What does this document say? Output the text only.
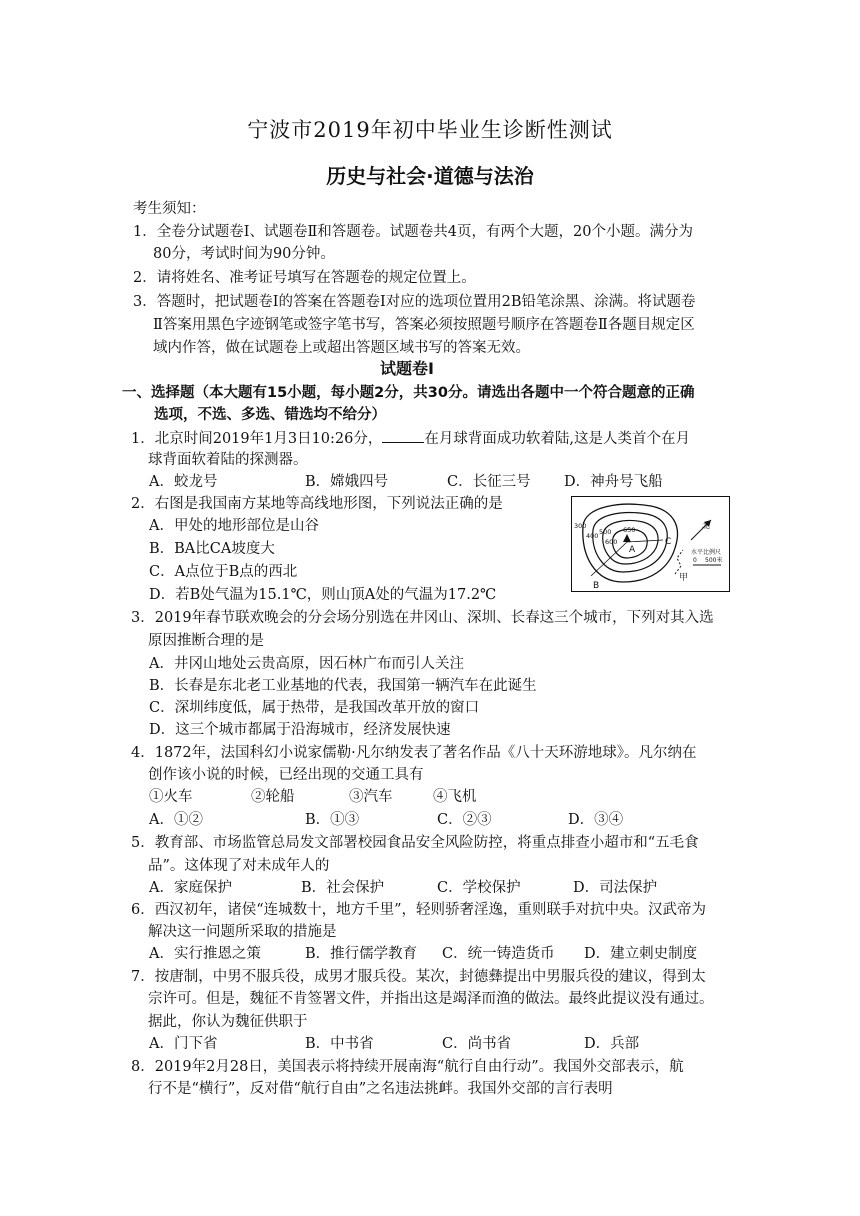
宁波市2019年初中毕业生诊断性测试
历史与社会·道德与法治
考生须知：
1．全卷分试题卷Ⅰ、试题卷Ⅱ和答题卷。试题卷共4页，有两个大题，20个小题。满分为
80分，考试时间为90分钟。
2．请将姓名、准考证号填写在答题卷的规定位置上。
3．答题时，把试题卷Ⅰ的答案在答题卷Ⅰ对应的选项位置用2B铅笔涂黑、涂满。将试题卷
Ⅱ答案用黑色字迹钢笔或签字笔书写，答案必须按照题号顺序在答题卷Ⅱ各题目规定区
域内作答，做在试题卷上或超出答题区域书写的答案无效。
试题卷Ⅰ
一、选择题（本大题有15小题，每小题2分，共30分。请选出各题中一个符合题意的正确
选项，不选、多选、错选均不给分）
1．北京时间2019年1月3日10:26分，	在月球背面成功软着陆,这是人类首个在月
球背面软着陆的探测器。
A．蛟龙号	B．嫦娥四号	C．长征三号 D．神舟号飞船
2．右图是我国南方某地等高线地形图，下列说法正确的是
A．甲处的地形部位是山谷
B．BA比CA坡度大
C．A点位于B点的西北
D．若B处气温为15.1℃，则山顶A处的气温为17.2℃
300
400 500
600
650
A
B
C
甲
北
水平比例尺
0 500米
3．2019年春节联欢晚会的分会场分别选在井冈山、深圳、长春这三个城市，下列对其入选
原因推断合理的是
A．井冈山地处云贵高原，因石林广布而引人关注
B．长春是东北老工业基地的代表，我国第一辆汽车在此诞生
C．深圳纬度低，属于热带，是我国改革开放的窗口
D．这三个城市都属于沿海城市，经济发展快速
4．1872年，法国科幻小说家儒勒·凡尔纳发表了著名作品《八十天环游地球》。凡尔纳在
创作该小说的时候，已经出现的交通工具有
①火车	②轮船	③汽车	④飞机
A．①②	B．①③	C．②③	D．③④
5．教育部、市场监管总局发文部署校园食品安全风险防控，将重点排查小超市和“五毛食
品”。这体现了对未成年人的
A．家庭保护	B．社会保护	C．学校保护	D．司法保护
6．西汉初年，诸侯“连城数十，地方千里”，轻则骄奢淫逸，重则联手对抗中央。汉武帝为
解决这一问题所采取的措施是
A．实行推恩之策	B．推行儒学教育 C．统一铸造货币 D．建立刺史制度
7．按唐制，中男不服兵役，成男才服兵役。某次，封德彝提出中男服兵役的建议，得到太
宗许可。但是，魏征不肯签署文件，并指出这是竭泽而渔的做法。最终此提议没有通过。
据此，你认为魏征供职于
A．门下省	B．中书省	C．尚书省	D．兵部
8．2019年2月28日，美国表示将持续开展南海“航行自由行动”。我国外交部表示，航
行不是“横行”，反对借“航行自由”之名违法挑衅。我国外交部的言行表明
